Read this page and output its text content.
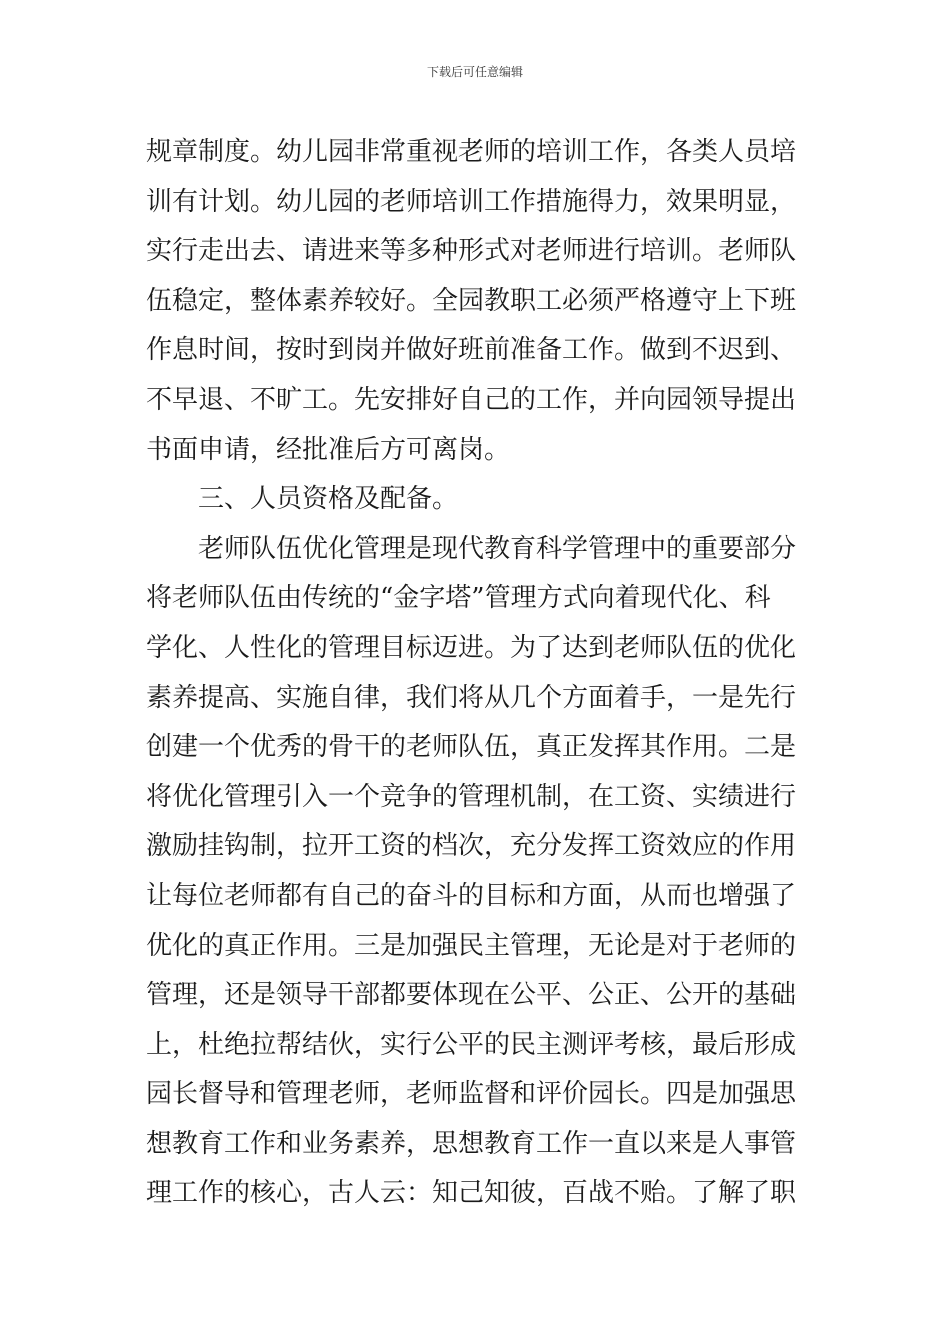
下载后可任意编辑
规章制度。幼儿园非常重视老师的培训工作，各类人员培
训有计划。幼儿园的老师培训工作措施得力，效果明显，
实行走出去、请进来等多种形式对老师进行培训。老师队
伍稳定，整体素养较好。全园教职工必须严格遵守上下班
作息时间，按时到岗并做好班前准备工作。做到不迟到、
不早退、不旷工。先安排好自己的工作，并向园领导提出
书面申请，经批准后方可离岗。
三、人员资格及配备。
老师队伍优化管理是现代教育科学管理中的重要部分
将老师队伍由传统的“金字塔”管理方式向着现代化、科
学化、人性化的管理目标迈进。为了达到老师队伍的优化
素养提高、实施自律，我们将从几个方面着手，一是先行
创建一个优秀的骨干的老师队伍，真正发挥其作用。二是
将优化管理引入一个竞争的管理机制，在工资、实绩进行
激励挂钩制，拉开工资的档次，充分发挥工资效应的作用
让每位老师都有自己的奋斗的目标和方面，从而也增强了
优化的真正作用。三是加强民主管理，无论是对于老师的
管理，还是领导干部都要体现在公平、公正、公开的基础
上，杜绝拉帮结伙，实行公平的民主测评考核，最后形成
园长督导和管理老师，老师监督和评价园长。四是加强思
想教育工作和业务素养，思想教育工作一直以来是人事管
理工作的核心，古人云：知己知彼，百战不贻。了解了职
